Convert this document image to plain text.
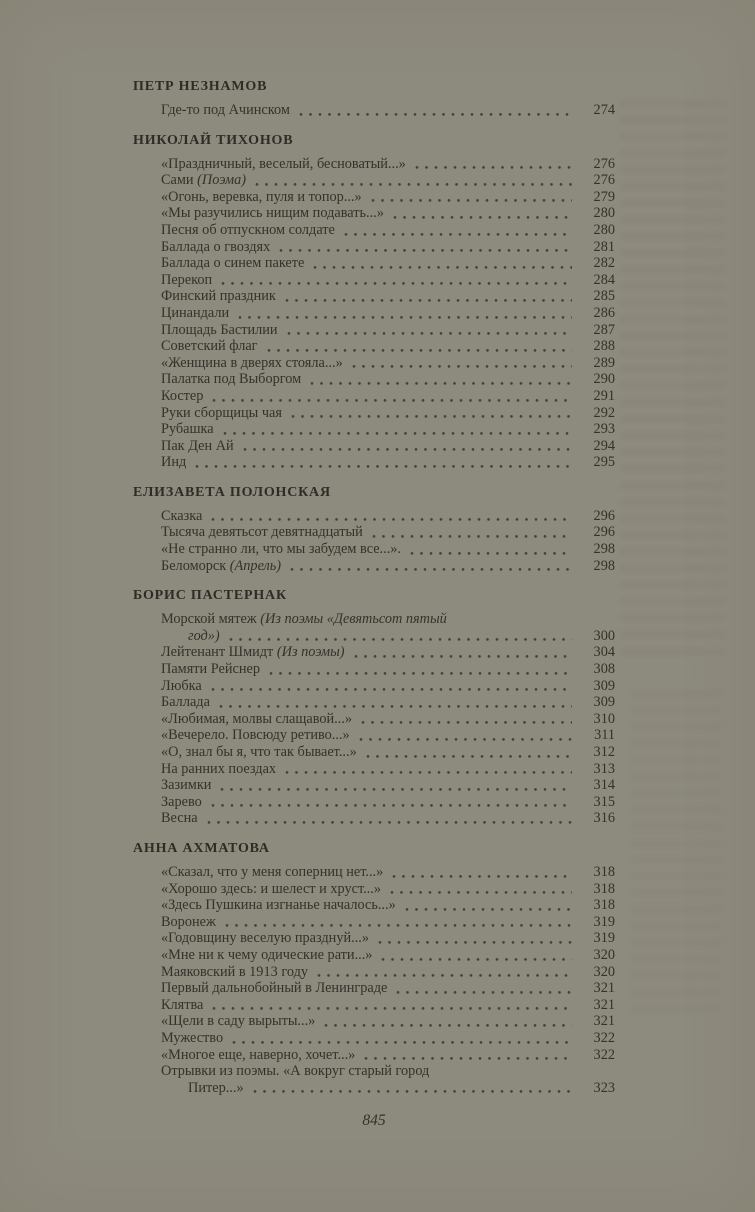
ПЕТР НЕЗНАМОВ
Где-то под Ачинском	274
НИКОЛАЙ ТИХОНОВ
«Праздничный, веселый, бесноватый...»	276
Сами (Поэма)	276
«Огонь, веревка, пуля и топор...»	279
«Мы разучились нищим подавать...»	280
Песня об отпускном солдате	280
Баллада о гвоздях	281
Баллада о синем пакете	282
Перекоп	284
Финский праздник	285
Цинандали	286
Площадь Бастилии	287
Советский флаг	288
«Женщина в дверях стояла...»	289
Палатка под Выборгом	290
Костер	291
Руки сборщицы чая	292
Рубашка	293
Пак Ден Ай	294
Инд	295
ЕЛИЗАВЕТА ПОЛОНСКАЯ
Сказка	296
Тысяча девятьсот девятнадцатый	296
«Не странно ли, что мы забудем все...».	298
Беломорск (Апрель)	298
БОРИС ПАСТЕРНАК
Морской мятеж (Из поэмы «Девятьсот пятый
год»)	300
Лейтенант Шмидт (Из поэмы)	304
Памяти Рейснер	308
Любка	309
Баллада	309
«Любимая, молвы слащавой...»	310
«Вечерело. Повсюду ретиво...»	311
«О, знал бы я, что так бывает...»	312
На ранних поездах	313
Зазимки	314
Зарево	315
Весна	316
АННА АХМАТОВА
«Сказал, что у меня соперниц нет...»	318
«Хорошо здесь: и шелест и хруст...»	318
«Здесь Пушкина изгнанье началось...»	318
Воронеж	319
«Годовщину веселую празднуй...»	319
«Мне ни к чему одические рати...»	320
Маяковский в 1913 году	320
Первый дальнобойный в Ленинграде	321
Клятва	321
«Щели в саду вырыты...»	321
Мужество	322
«Многое еще, наверно, хочет...»	322
Отрывки из поэмы. «А вокруг старый город
Питер...»	323
845
